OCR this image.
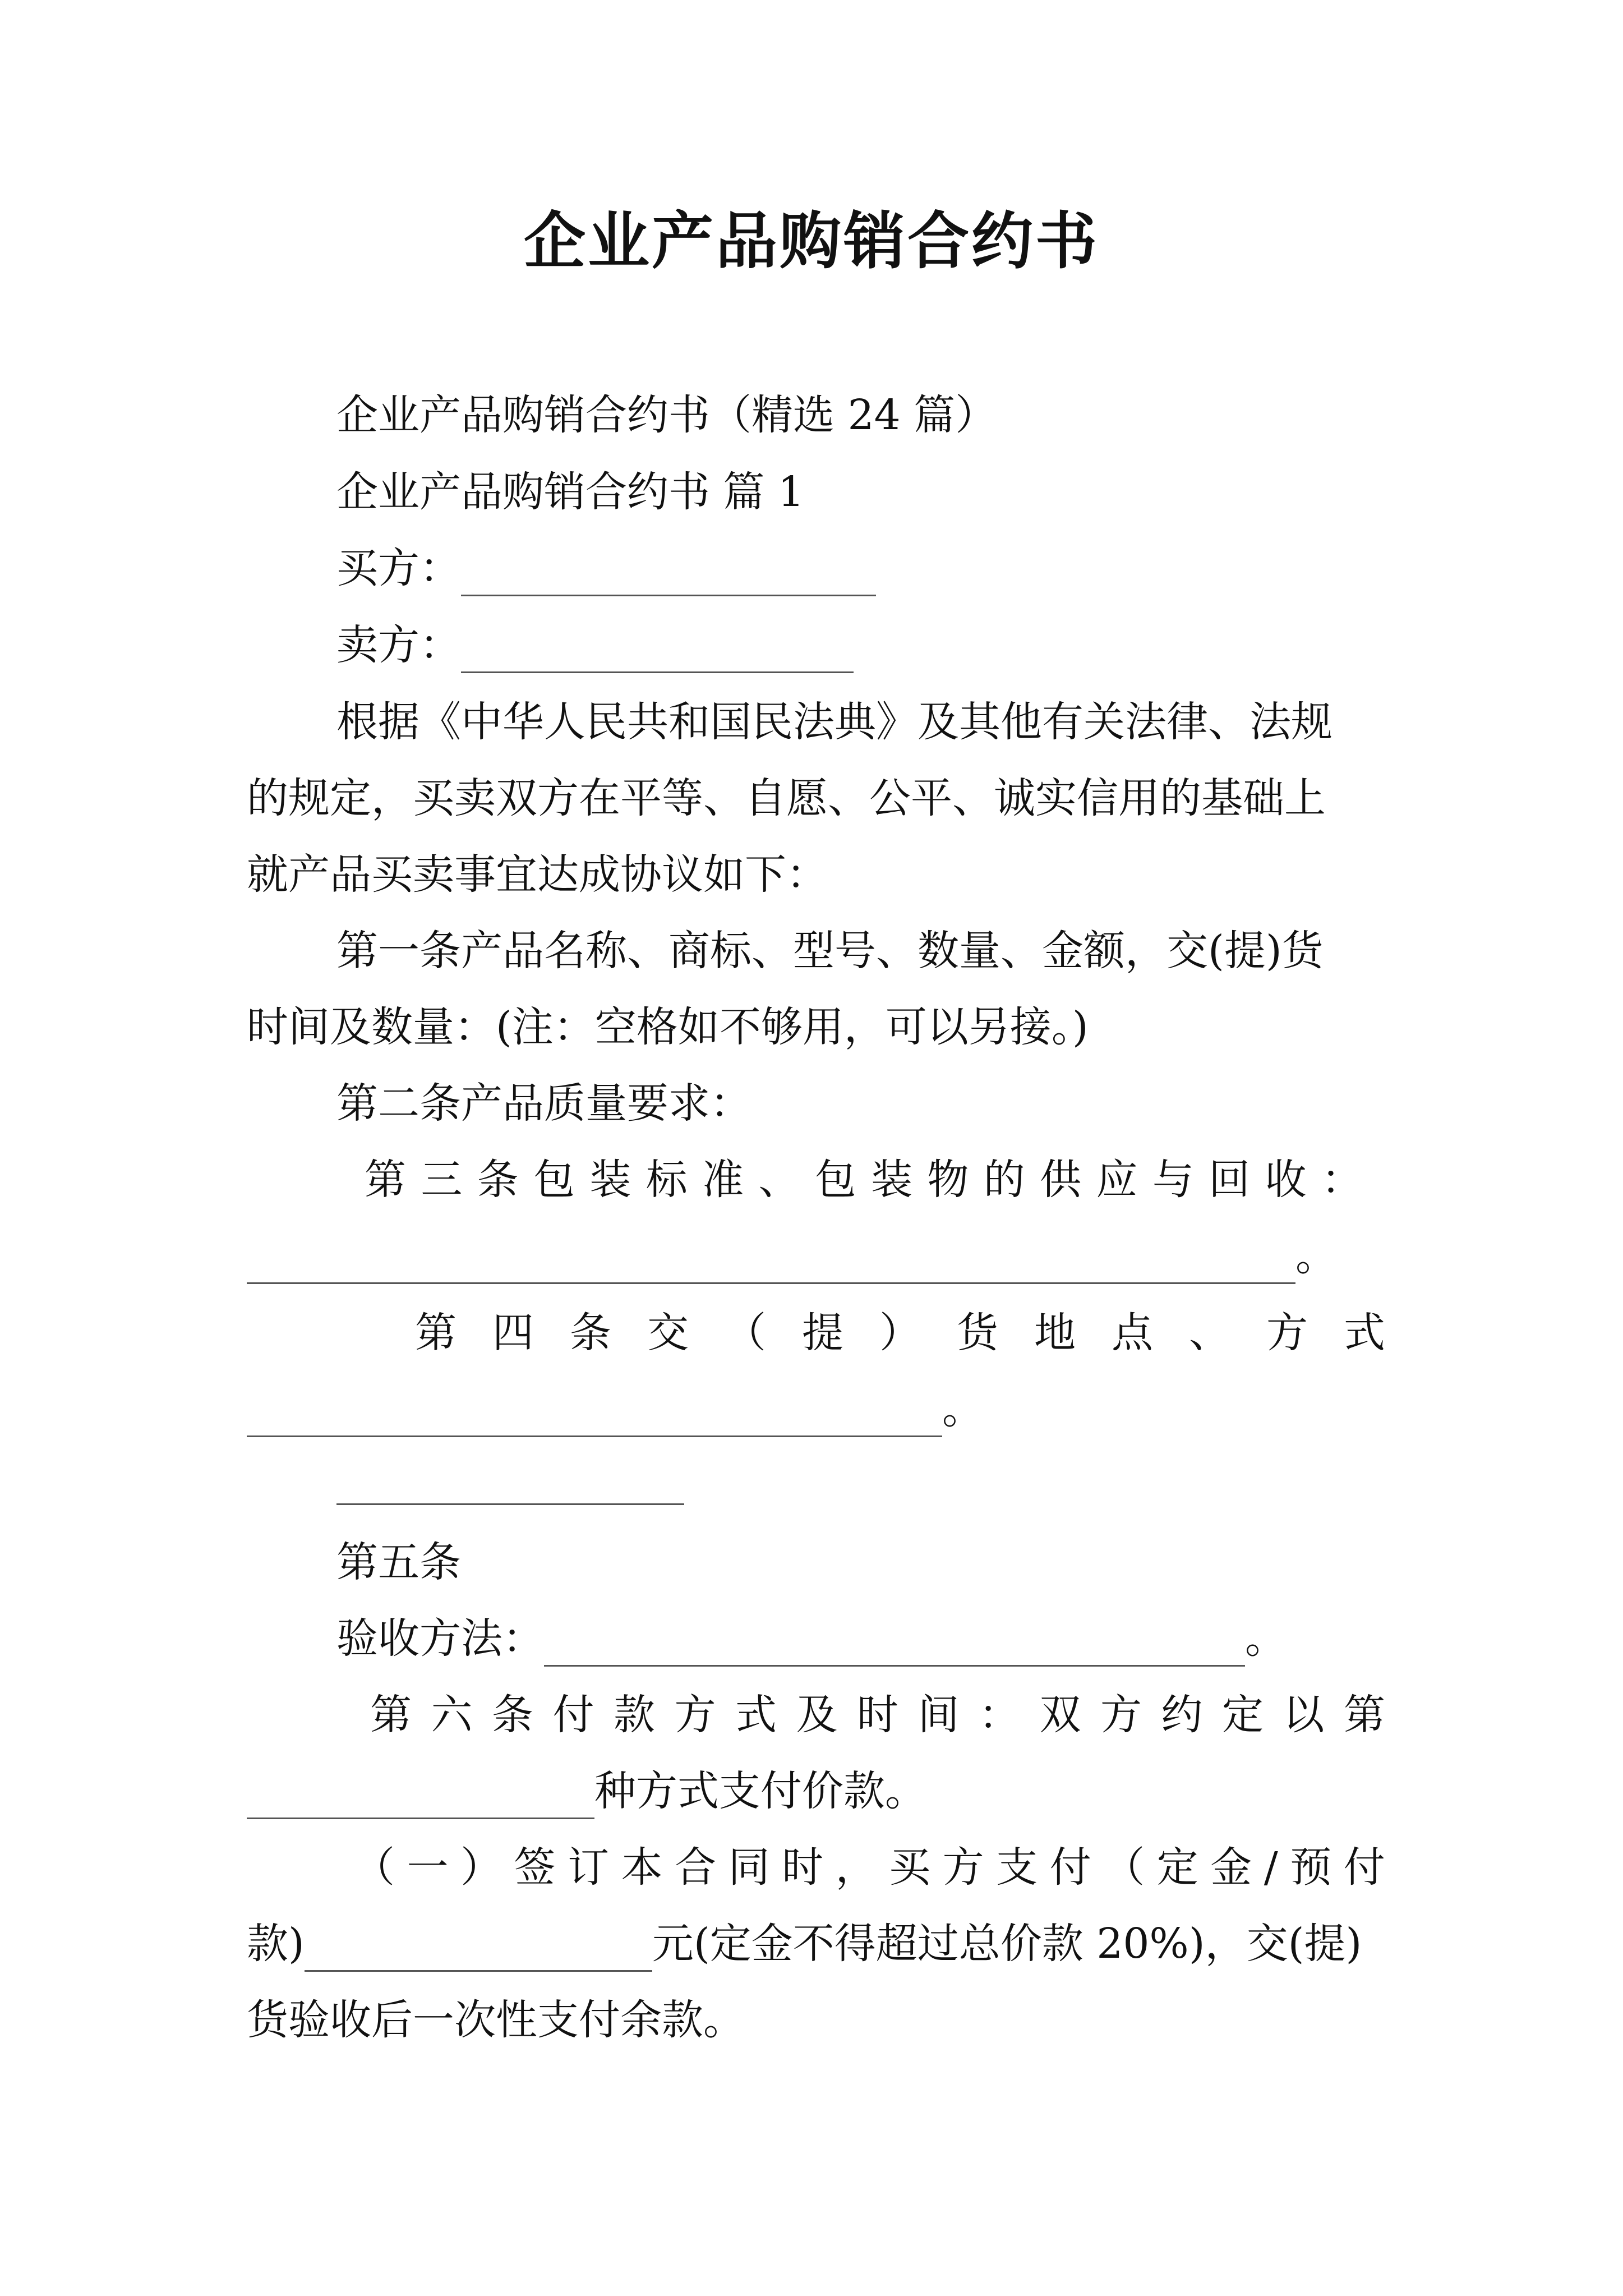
企业产品购销合约书
企业产品购销合约书（精选 24 篇）
企业产品购销合约书 篇 1
买方：
卖方：
根据《中华人民共和国民法典》及其他有关法律、法规
的规定，买卖双方在平等、自愿、公平、诚实信用的基础上
就产品买卖事宜达成协议如下：
第一条产品名称、商标、型号、数量、金额，交(提)货
时间及数量：(注：空格如不够用，可以另接。)
第二条产品质量要求：
第 三 条 包 装 标 准 、 包 装 物 的 供 应 与 回 收 ：
。
第 四 条 交 （ 提 ） 货 地 点 、 方 式
。
第五条
验收方法：	。
第 六 条 付 款 方 式 及 时 间 ： 双 方 约 定 以 第
种方式支付价款。
（ 一 ） 签 订 本 合 同 时 ， 买 方 支 付 （ 定 金 / 预 付
款)	元(定金不得超过总价款 20%)，交(提)
货验收后一次性支付余款。
